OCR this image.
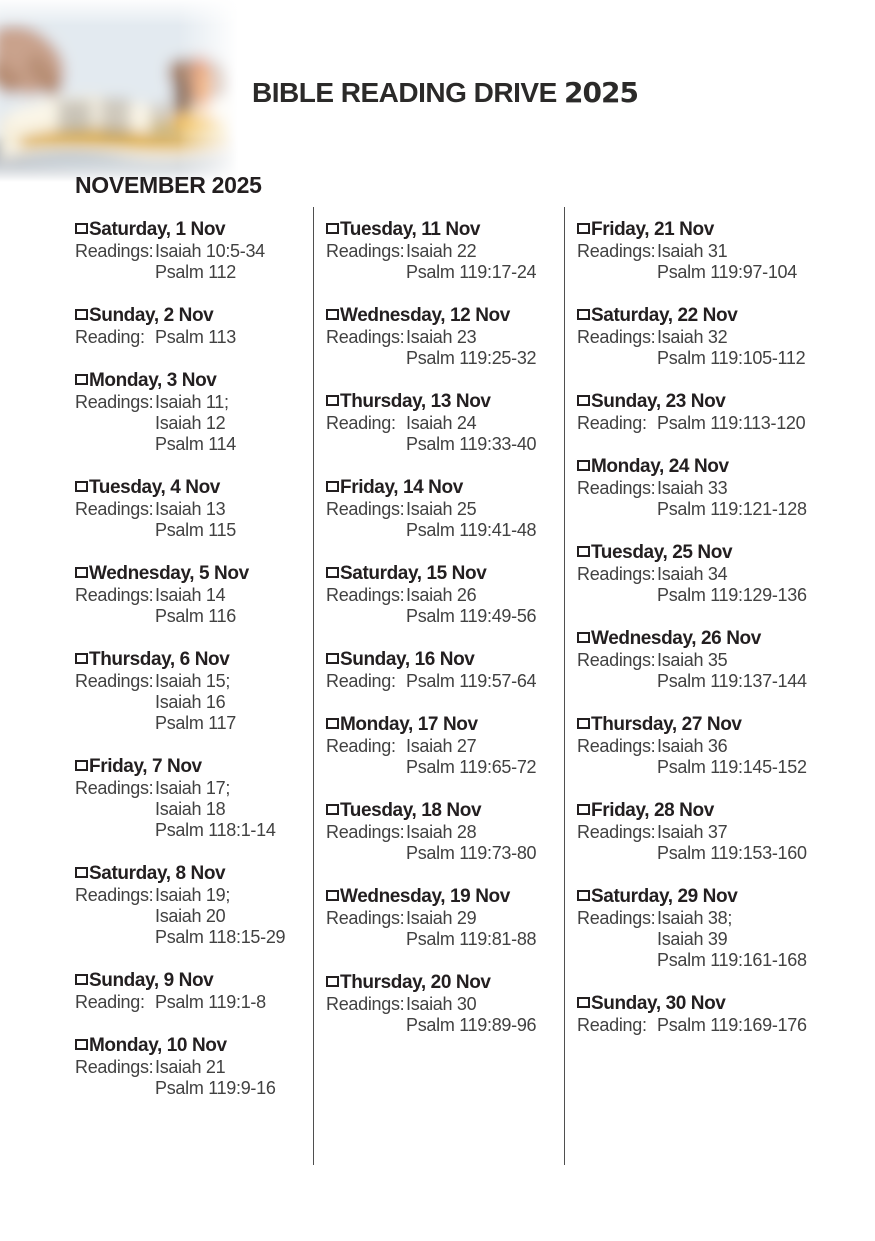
BIBLE READING DRIVE 2025
NOVEMBER 2025
Saturday, 1 Nov
Readings: Isaiah 10:5-34
Psalm 112
Sunday, 2 Nov
Reading: Psalm 113
Monday, 3 Nov
Readings: Isaiah 11;
Isaiah 12
Psalm 114
Tuesday, 4 Nov
Readings: Isaiah 13
Psalm 115
Wednesday, 5 Nov
Readings: Isaiah 14
Psalm 116
Thursday, 6 Nov
Readings: Isaiah 15;
Isaiah 16
Psalm 117
Friday, 7 Nov
Readings: Isaiah 17;
Isaiah 18
Psalm 118:1-14
Saturday, 8 Nov
Readings: Isaiah 19;
Isaiah 20
Psalm 118:15-29
Sunday, 9 Nov
Reading: Psalm 119:1-8
Monday, 10 Nov
Readings: Isaiah 21
Psalm 119:9-16
Tuesday, 11 Nov
Readings: Isaiah 22
Psalm 119:17-24
Wednesday, 12 Nov
Readings: Isaiah 23
Psalm 119:25-32
Thursday, 13 Nov
Reading: Isaiah 24
Psalm 119:33-40
Friday, 14 Nov
Readings: Isaiah 25
Psalm 119:41-48
Saturday, 15 Nov
Readings: Isaiah 26
Psalm 119:49-56
Sunday, 16 Nov
Reading: Psalm 119:57-64
Monday, 17 Nov
Reading: Isaiah 27
Psalm 119:65-72
Tuesday, 18 Nov
Readings: Isaiah 28
Psalm 119:73-80
Wednesday, 19 Nov
Readings: Isaiah 29
Psalm 119:81-88
Thursday, 20 Nov
Readings: Isaiah 30
Psalm 119:89-96
Friday, 21 Nov
Readings: Isaiah 31
Psalm 119:97-104
Saturday, 22 Nov
Readings: Isaiah 32
Psalm 119:105-112
Sunday, 23 Nov
Reading: Psalm 119:113-120
Monday, 24 Nov
Readings: Isaiah 33
Psalm 119:121-128
Tuesday, 25 Nov
Readings: Isaiah 34
Psalm 119:129-136
Wednesday, 26 Nov
Readings: Isaiah 35
Psalm 119:137-144
Thursday, 27 Nov
Readings: Isaiah 36
Psalm 119:145-152
Friday, 28 Nov
Readings: Isaiah 37
Psalm 119:153-160
Saturday, 29 Nov
Readings: Isaiah 38;
Isaiah 39
Psalm 119:161-168
Sunday, 30 Nov
Reading: Psalm 119:169-176
